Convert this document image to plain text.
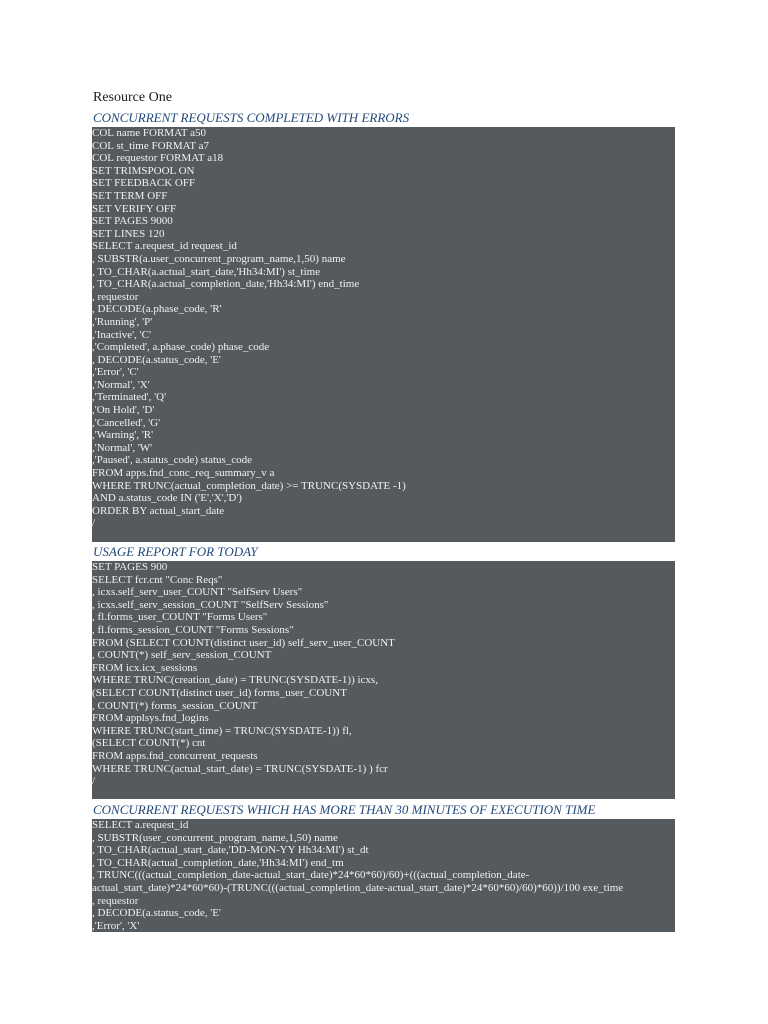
Resource One
CONCURRENT REQUESTS COMPLETED WITH ERRORS
COL name FORMAT a50
COL st_time FORMAT a7
COL requestor FORMAT a18
SET TRIMSPOOL ON
SET FEEDBACK OFF
SET TERM OFF
SET VERIFY OFF
SET PAGES 9000
SET LINES 120
SELECT a.request_id request_id
, SUBSTR(a.user_concurrent_program_name,1,50) name
, TO_CHAR(a.actual_start_date,'Hh34:MI') st_time
, TO_CHAR(a.actual_completion_date,'Hh34:MI') end_time
, requestor
, DECODE(a.phase_code, 'R'
,'Running', 'P'
,'Inactive', 'C'
,'Completed', a.phase_code) phase_code
, DECODE(a.status_code, 'E'
,'Error', 'C'
,'Normal', 'X'
,'Terminated', 'Q'
,'On Hold', 'D'
,'Cancelled', 'G'
,'Warning', 'R'
,'Normal', 'W'
,'Paused', a.status_code) status_code
FROM apps.fnd_conc_req_summary_v a
WHERE TRUNC(actual_completion_date) >= TRUNC(SYSDATE -1)
AND a.status_code IN ('E','X','D')
ORDER BY actual_start_date
/
USAGE REPORT FOR TODAY
SET PAGES 900
SELECT fcr.cnt "Conc Reqs"
, icxs.self_serv_user_COUNT "SelfServ Users"
, icxs.self_serv_session_COUNT "SelfServ Sessions"
, fl.forms_user_COUNT "Forms Users"
, fl.forms_session_COUNT "Forms Sessions"
FROM (SELECT COUNT(distinct user_id) self_serv_user_COUNT
, COUNT(*) self_serv_session_COUNT
FROM icx.icx_sessions
WHERE TRUNC(creation_date) = TRUNC(SYSDATE-1)) icxs,
(SELECT COUNT(distinct user_id) forms_user_COUNT
, COUNT(*) forms_session_COUNT
FROM applsys.fnd_logins
WHERE TRUNC(start_time) = TRUNC(SYSDATE-1)) fl,
(SELECT COUNT(*) cnt
FROM apps.fnd_concurrent_requests
WHERE TRUNC(actual_start_date) = TRUNC(SYSDATE-1) ) fcr
/
CONCURRENT REQUESTS WHICH HAS MORE THAN 30 MINUTES OF EXECUTION TIME
SELECT a.request_id
, SUBSTR(user_concurrent_program_name,1,50) name
, TO_CHAR(actual_start_date,'DD-MON-YY Hh34:MI') st_dt
, TO_CHAR(actual_completion_date,'Hh34:MI') end_tm
, TRUNC(((actual_completion_date-actual_start_date)*24*60*60)/60)+(((actual_completion_date-
actual_start_date)*24*60*60)-(TRUNC(((actual_completion_date-actual_start_date)*24*60*60)/60)*60))/100 exe_time
, requestor
, DECODE(a.status_code, 'E'
,'Error', 'X'
